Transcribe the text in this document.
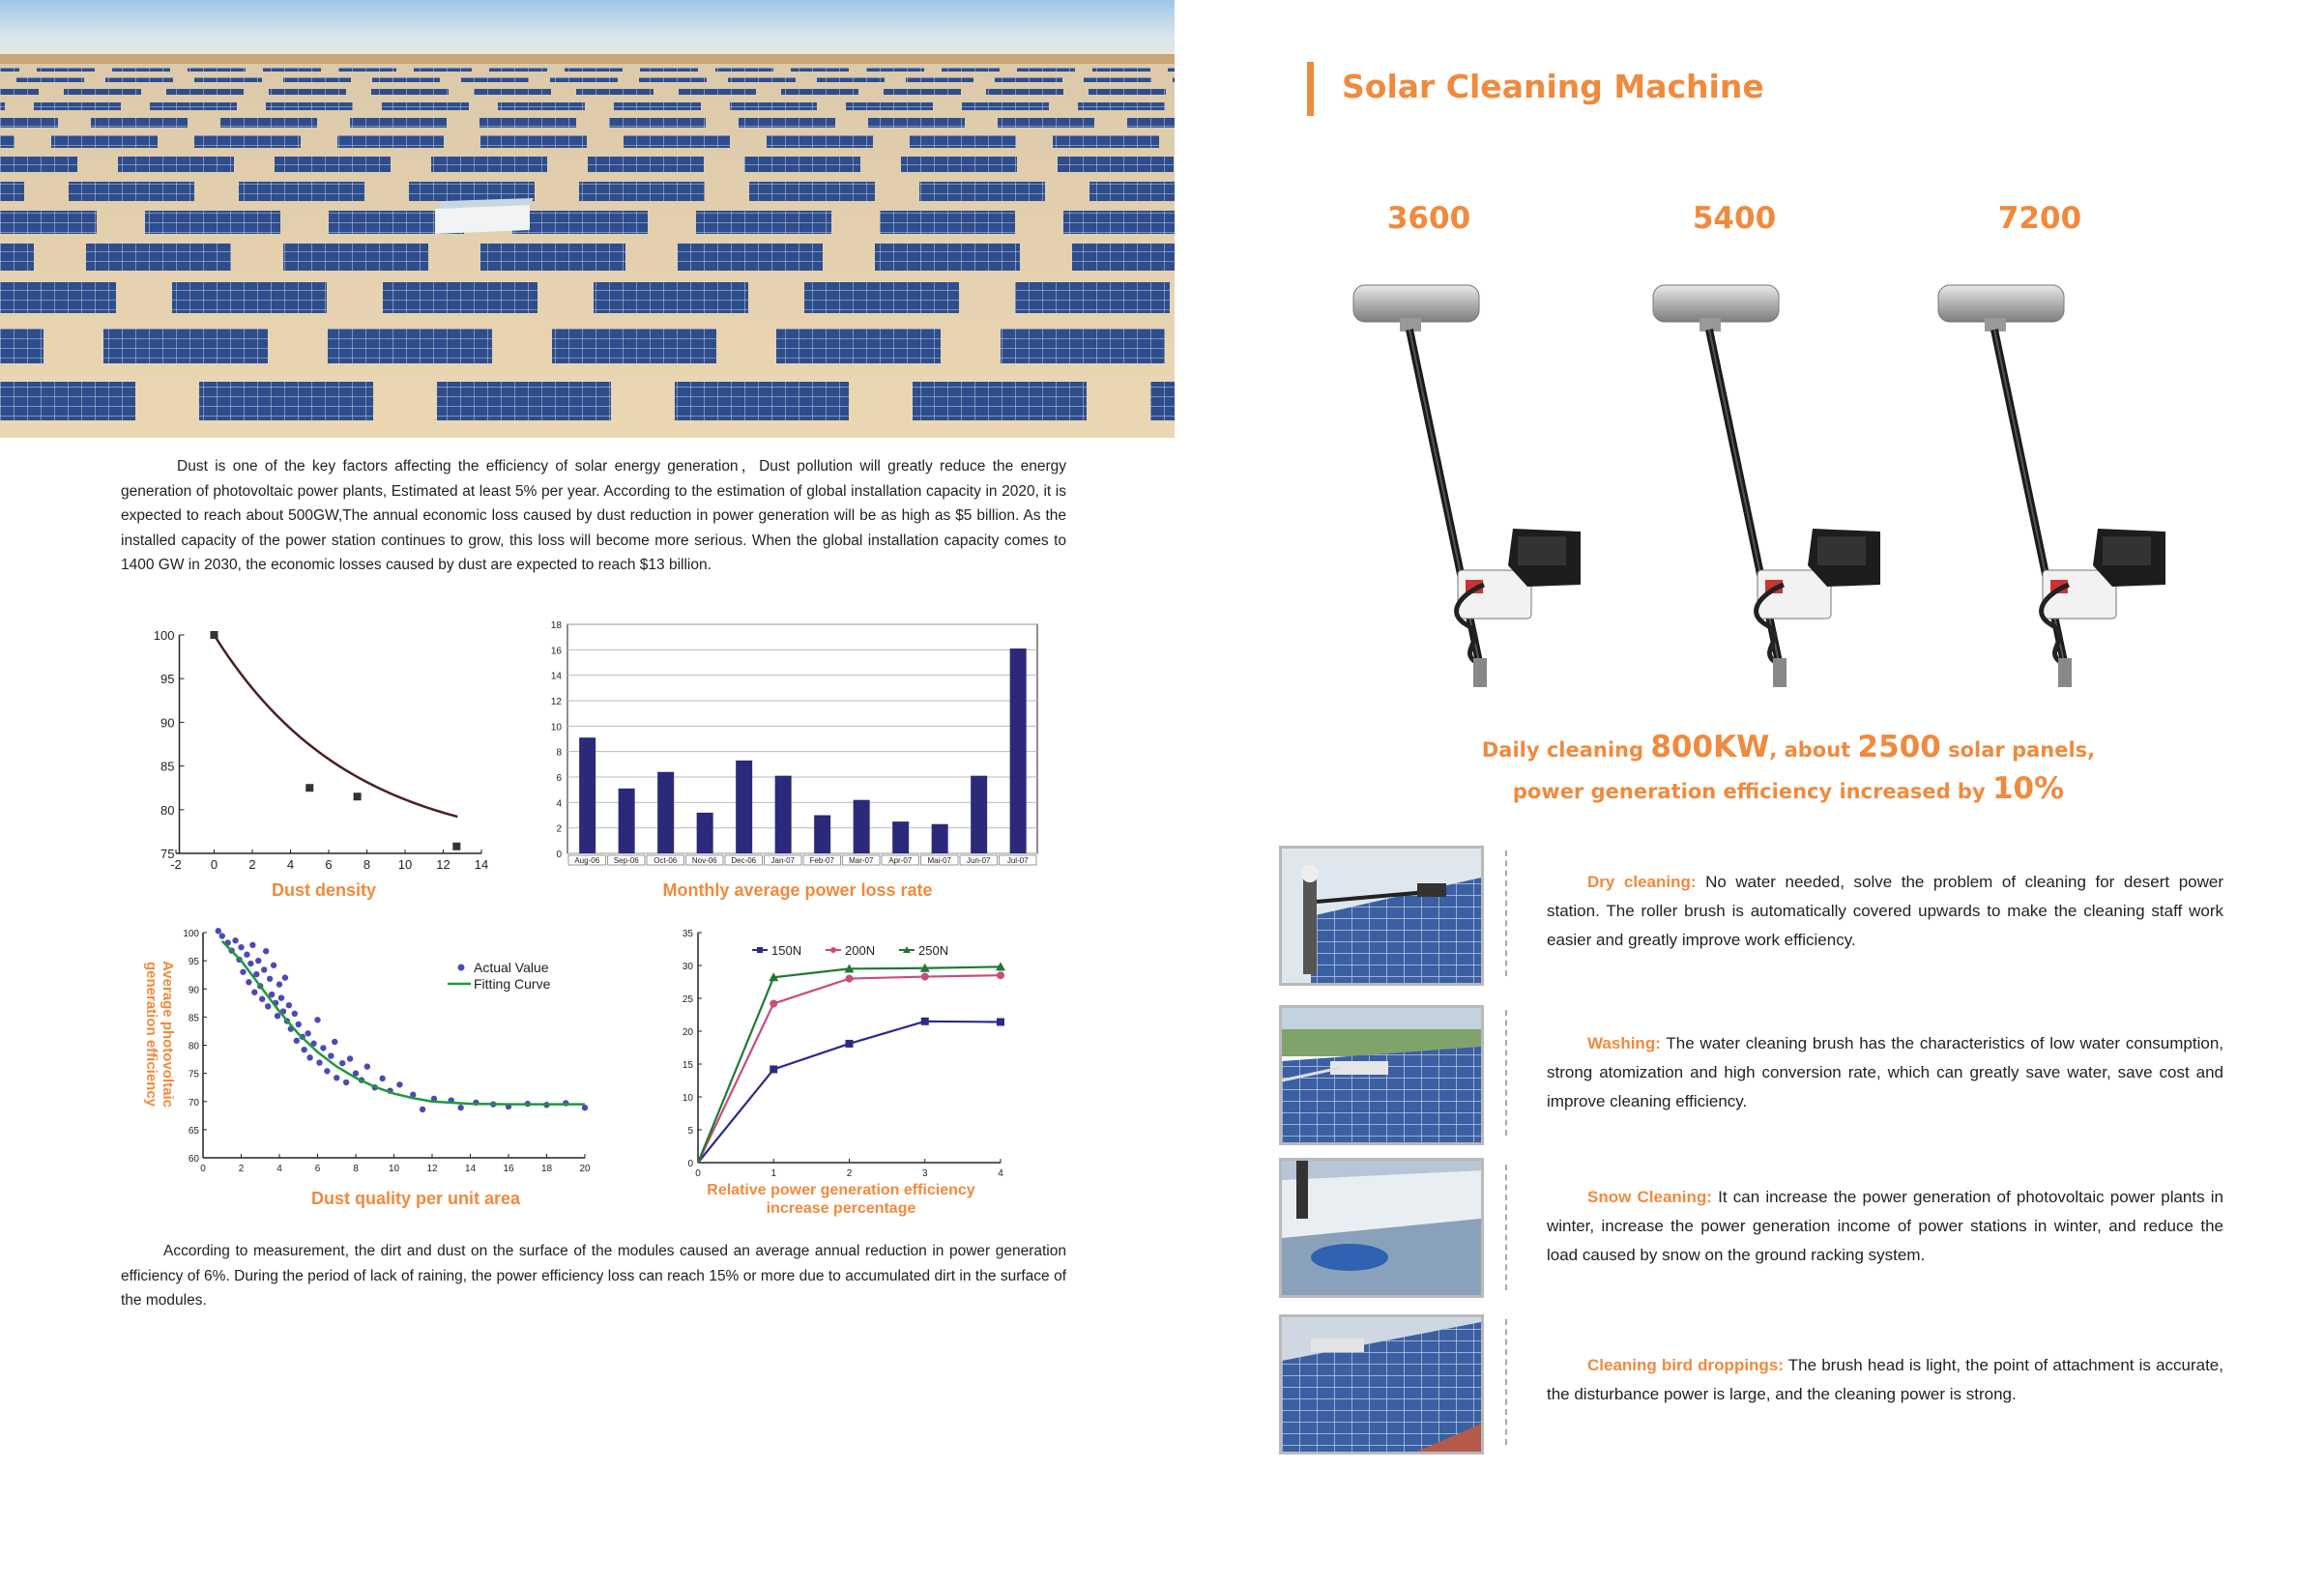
Dust is one of the key factors affecting the efficiency of solar energy generation，Dust pollution will greatly reduce the energy generation of photovoltaic power plants, Estimated at least 5% per year. According to the estimation of global installation capacity in 2020, it is expected to reach about 500GW,The annual economic loss caused by dust reduction in power generation will be as high as $5 billion. As the installed capacity of the power station continues to grow, this loss will become more serious. When the global installation capacity comes to 1400 GW in 2030, the economic losses caused by dust are expected to reach $13 billion.
-2 0 2 4 6 8 10 12 14
100
95
90
85
80
75
Dust density
0
2
4
6
8
10
12
14
16
18
Aug-06 Sep-06 Oct-06 Nov-06 Dec-06 Jan-07 Feb-07 Mar-07 Apr-07 Mai-07 Jun-07 Jul-07
Monthly average power loss rate
Average photovoltaic generation efficiency
0	2	4	6	8	10	12	14	16	18	20
100
95
90
85
80
75
70
65
60
Actual Value
Fitting Curve
Dust quality per unit area
0	1	2	3	4
35
30
25
20
15
10
5
0
150N	200N	250N
Relative power generation efficiency increase percentage
According to measurement, the dirt and dust on the surface of the modules caused an average annual reduction in power generation efficiency of 6%. During the period of lack of raining, the power efficiency loss can reach 15% or more due to accumulated dirt in the surface of the modules.
Solar Cleaning Machine
3600	5400	7200
Daily cleaning 800KW, about 2500 solar panels,
power generation efficiency increased by 10%
Dry cleaning: No water needed, solve the problem of cleaning for desert power station. The roller brush is automatically covered upwards to make the cleaning staff work easier and greatly improve work efficiency.
Washing: The water cleaning brush has the characteristics of low water consumption, strong atomization and high conversion rate, which can greatly save water, save cost and improve cleaning efficiency.
Snow Cleaning: It can increase the power generation of photovoltaic power plants in winter, increase the power generation income of power stations in winter, and reduce the load caused by snow on the ground racking system.
Cleaning bird droppings: The brush head is light, the point of attachment is accurate, the disturbance power is large, and the cleaning power is strong.
